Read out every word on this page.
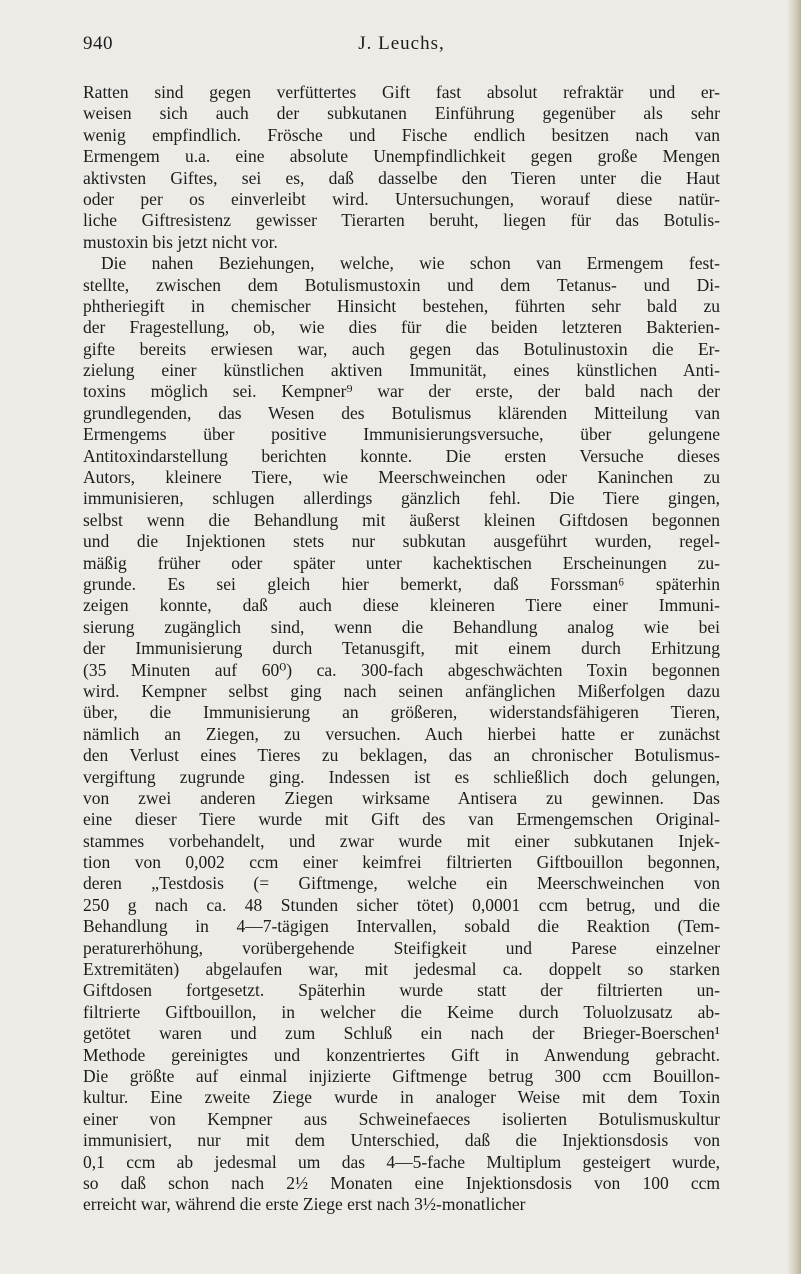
940	J. Leuchs,
Ratten sind gegen verfüttertes Gift fast absolut refraktär und er-
weisen sich auch der subkutanen Einführung gegenüber als sehr
wenig empfindlich. Frösche und Fische endlich besitzen nach van
Ermengem u.a. eine absolute Unempfindlichkeit gegen große Mengen
aktivsten Giftes, sei es, daß dasselbe den Tieren unter die Haut
oder per os einverleibt wird. Untersuchungen, worauf diese natür-
liche Giftresistenz gewisser Tierarten beruht, liegen für das Botulis-
mustoxin bis jetzt nicht vor.
Die nahen Beziehungen, welche, wie schon van Ermengem fest-
stellte, zwischen dem Botulismustoxin und dem Tetanus- und Di-
phtheriegift in chemischer Hinsicht bestehen, führten sehr bald zu
der Fragestellung, ob, wie dies für die beiden letzteren Bakterien-
gifte bereits erwiesen war, auch gegen das Botulinustoxin die Er-
zielung einer künstlichen aktiven Immunität, eines künstlichen Anti-
toxins möglich sei. Kempner⁹ war der erste, der bald nach der
grundlegenden, das Wesen des Botulismus klärenden Mitteilung van
Ermengems über positive Immunisierungsversuche, über gelungene
Antitoxindarstellung berichten konnte. Die ersten Versuche dieses
Autors, kleinere Tiere, wie Meerschweinchen oder Kaninchen zu
immunisieren, schlugen allerdings gänzlich fehl. Die Tiere gingen,
selbst wenn die Behandlung mit äußerst kleinen Giftdosen begonnen
und die Injektionen stets nur subkutan ausgeführt wurden, regel-
mäßig früher oder später unter kachektischen Erscheinungen zu-
grunde. Es sei gleich hier bemerkt, daß Forssman⁶ späterhin
zeigen konnte, daß auch diese kleineren Tiere einer Immuni-
sierung zugänglich sind, wenn die Behandlung analog wie bei
der Immunisierung durch Tetanusgift, mit einem durch Erhitzung
(35 Minuten auf 60⁰) ca. 300-fach abgeschwächten Toxin begonnen
wird. Kempner selbst ging nach seinen anfänglichen Mißerfolgen dazu
über, die Immunisierung an größeren, widerstandsfähigeren Tieren,
nämlich an Ziegen, zu versuchen. Auch hierbei hatte er zunächst
den Verlust eines Tieres zu beklagen, das an chronischer Botulismus-
vergiftung zugrunde ging. Indessen ist es schließlich doch gelungen,
von zwei anderen Ziegen wirksame Antisera zu gewinnen. Das
eine dieser Tiere wurde mit Gift des van Ermengemschen Original-
stammes vorbehandelt, und zwar wurde mit einer subkutanen Injek-
tion von 0,002 ccm einer keimfrei filtrierten Giftbouillon begonnen,
deren „Testdosis (= Giftmenge, welche ein Meerschweinchen von
250 g nach ca. 48 Stunden sicher tötet) 0,0001 ccm betrug, und die
Behandlung in 4—7-tägigen Intervallen, sobald die Reaktion (Tem-
peraturerhöhung, vorübergehende Steifigkeit und Parese einzelner
Extremitäten) abgelaufen war, mit jedesmal ca. doppelt so starken
Giftdosen fortgesetzt. Späterhin wurde statt der filtrierten un-
filtrierte Giftbouillon, in welcher die Keime durch Toluolzusatz ab-
getötet waren und zum Schluß ein nach der Brieger-Boerschen¹
Methode gereinigtes und konzentriertes Gift in Anwendung gebracht.
Die größte auf einmal injizierte Giftmenge betrug 300 ccm Bouillon-
kultur. Eine zweite Ziege wurde in analoger Weise mit dem Toxin
einer von Kempner aus Schweinefaeces isolierten Botulismuskultur
immunisiert, nur mit dem Unterschied, daß die Injektionsdosis von
0,1 ccm ab jedesmal um das 4—5-fache Multiplum gesteigert wurde,
so daß schon nach 2½ Monaten eine Injektionsdosis von 100 ccm
erreicht war, während die erste Ziege erst nach 3½-monatlicher
